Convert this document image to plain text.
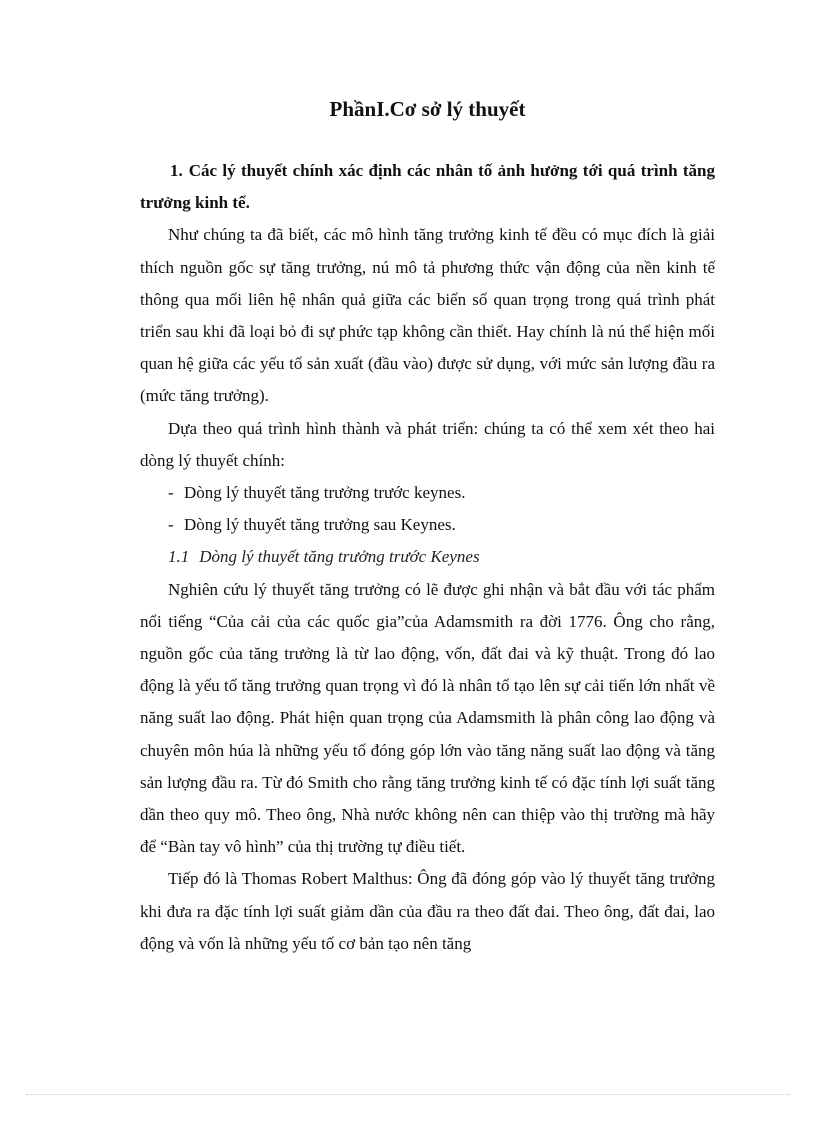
PhầnI.Cơ sở lý thuyết

1. Các lý thuyết chính xác định các nhân tố ảnh hưởng tới quá trình tăng trưởng kinh tế.

Như chúng ta đã biết, các mô hình tăng trưởng kinh tế đều có mục đích là giải thích nguồn gốc sự tăng trưởng, nú mô tả phương thức vận động của nền kinh tế thông qua mối liên hệ nhân quả giữa các biến số quan trọng trong quá trình phát triển sau khi đã loại bỏ đi sự phức tạp không cần thiết. Hay chính là nú thể hiện mối quan hệ giữa các yếu tố sản xuất (đầu vào) được sử dụng, với mức sản lượng đầu ra (mức tăng trưởng).

Dựa theo quá trình hình thành và phát triển: chúng ta có thể xem xét theo hai dòng lý thuyết chính:

- Dòng lý thuyết tăng trưởng trước keynes.

- Dòng lý thuyết tăng trưởng sau Keynes.

1.1 Dòng lý thuyết tăng trưởng trước Keynes

Nghiên cứu lý thuyết tăng trưởng có lẽ được ghi nhận và bắt đầu với tác phẩm nổi tiếng “Của cải của các quốc gia”của Adamsmith ra đời 1776. Ông cho rằng, nguồn gốc của tăng trưởng là từ lao động, vốn, đất đai và kỹ thuật. Trong đó lao động là yếu tố tăng trưởng quan trọng vì đó là nhân tố tạo lên sự cải tiến lớn nhất về năng suất lao động. Phát hiện quan trọng của Adamsmith là phân công lao động và chuyên môn húa là những yếu tố đóng góp lớn vào tăng năng suất lao động và tăng sản lượng đầu ra. Từ đó Smith cho rằng tăng trưởng kinh tế có đặc tính lợi suất tăng dần theo quy mô. Theo ông, Nhà nước không nên can thiệp vào thị trường mà hãy để “Bàn tay vô hình” của thị trường tự điều tiết.

Tiếp đó là Thomas Robert Malthus: Ông đã đóng góp vào lý thuyết tăng trưởng khi đưa ra đặc tính lợi suất giảm dần của đầu ra theo đất đai. Theo ông, đất đai, lao động và vốn là những yếu tố cơ bản tạo nên tăng
